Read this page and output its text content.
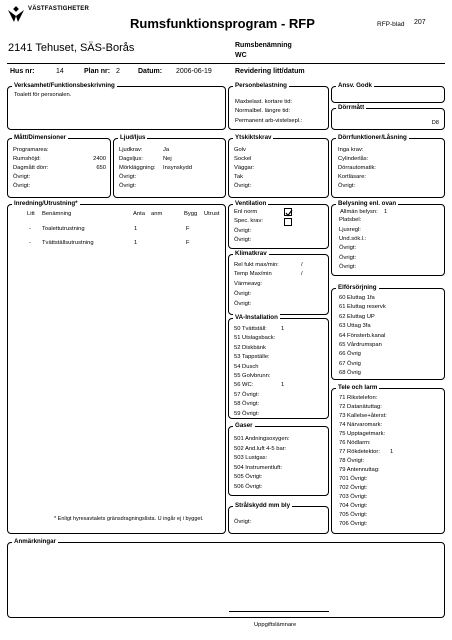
VÄSTFASTIGHETER
Rumsfunktionsprogram - RFP	RFP-blad 207
2141 Tehuset, SÄS-Borås	Rumsbenämning
WC
Hus nr:	14	Plan nr: 2	Datum: 2006-06-19	Revidering litt/datum
Verksamhet/Funktionsbeskrivning
Toalett för personalen.
Personbelastning
Maxbelast. kortare tid:
Normalbel. längre tid:
Permanent arb-vistelsepl.:
Ansv. Godk
Dörrmått
D8
Mått/Dimensioner
Programarea:
Rumshöjd:	2400
Dagmått dörr:	650
Övrigt:
Övrigt:
Ljud/ljus
Ljudkrav:	Ja
Dagsljus:	Nej
Mörkläggning: Insynskydd
Övrigt:
Övrigt:
Ytskiktskrav
Golv
Sockel
Väggar:
Tak
Övrigt:
Dörrfunktioner/Låsning
Inga krav:
Cylinderlås:
Dörrautomatik:
Kortläsare:
Övrigt:
Inredning/Utrustning*
Litt Benämning	Anta anm	Bygg Utrust
- Toalettutrustning	1	F
- Tvättställsutrustning	1	F
* Enligt hyresavtalets gränsdragningslista. U ingår ej i bygget.
Ventilation
Enl norm
Spec. krav:
Övrigt:
Övrigt:
Klimatkrav
Rel fukt max/min:	/
Temp Max/min	/
Värmeavg:
Övrigt:
Övrigt:
VA-Installation
Gaser
Strålskydd mm bly
Övrigt:
Belysning enl. ovan
Allmän belysn: 1
Elförsörjning
Tele och larm
Anmärkningar
Uppgiftslämnare
50 Tvättställ: 1
51 Utslagsback:
52 Diskbänk
53 Tappställe:
54 Dusch
55 Golvbrunn:
56 WC:	1
57 Övrigt:
58 Övrigt:
59 Övrigt:
501 Andningsoxygen:
502 And.luft 4-5 bar:
503 Lustgas:
504 Instrumentluft:
505 Övrigt:
506 Övrigt:
Platsbel:
Ljusregl:
Und.sök.l.:
Övrigt:
Övrigt:
Övrigt:
60 Eluttag 1fa
61 Eluttag reservk
62 Eluttag UP
63 Uttag 3fa
64 Fönsterb.kanal
65 Vårdrumspan
66 Övrig
67 Övrig
68 Övrig
71 Rikstelefon:
72 Datanätuttag:
73 Kallelse+återst:
74 Närvaromark:
75 Upptagetmark:
76 Nödlarm:
77 Rökdetektor: 1
78 Övrigt:
79 Antennuttag:
701 Övrigt:
702 Övrigt:
703 Övrigt:
704 Övrigt:
705 Övrigt:
706 Övrigt:
